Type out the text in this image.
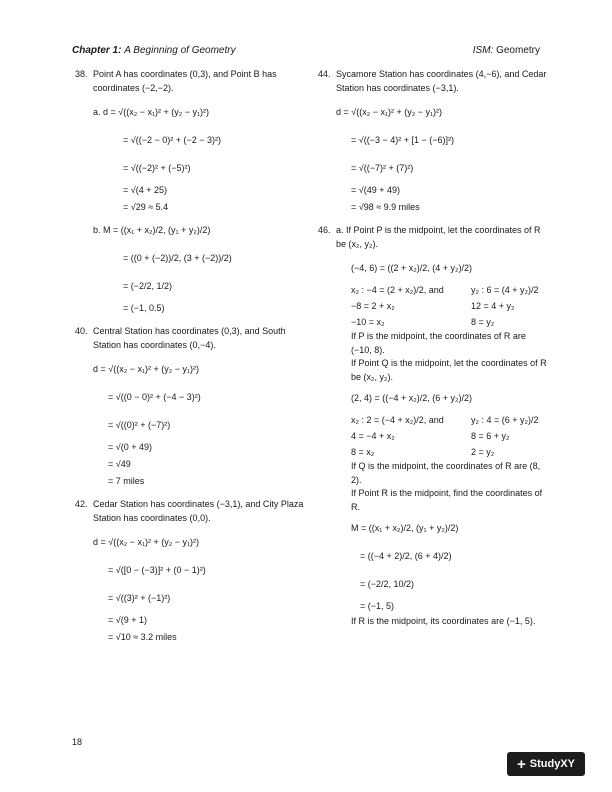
Chapter 1: A Beginning of Geometry	ISM: Geometry
38. Point A has coordinates (0,3), and Point B has coordinates (−2,−2).
a. d = √((x₂ − x₁)² + (y₂ − y₁)²)
= √((−2 − 0)² + (−2 − 3)²)
= √((−2)² + (−5)²)
= √(4 + 25)
= √29 ≈ 5.4
b. M = ((x₁ + x₂)/2, (y₁ + y₂)/2)
= ((0 + (−2))/2, (3 + (−2))/2)
= (−2/2, 1/2)
= (−1, 0.5)
40. Central Station has coordinates (0,3), and South Station has coordinates (0,−4).
d = √((x₂ − x₁)² + (y₂ − y₁)²)
= √((0 − 0)² + (−4 − 3)²)
= √((0)² + (−7)²)
= √(0 + 49)
= √49
= 7 miles
42. Cedar Station has coordinates (−3,1), and City Plaza Station has coordinates (0,0).
d = √((x₂ − x₁)² + (y₂ − y₁)²)
= √([0 − (−3)]² + (0 − 1)²)
= √((3)² + (−1)²)
= √(9 + 1)
= √10 ≈ 3.2 miles
44. Sycamore Station has coordinates (4,−6), and Cedar Station has coordinates (−3,1).
d = √((x₂ − x₁)² + (y₂ − y₁)²)
= √((−3 − 4)² + [1 − (−6)]²)
= √((−7)² + (7)²)
= √(49 + 49)
= √98 ≈ 9.9 miles
46. a. If Point P is the midpoint, let the coordinates of R be (x₂, y₂).
(−4, 6) = ((2 + x₂)/2, (4 + y₂)/2)
x₂ : −4 = (2 + x₂)/2, and	y₂ : 6 = (4 + y₂)/2
−8 = 2 + x₂	12 = 4 + y₂
−10 = x₂	8 = y₂
If P is the midpoint, the coordinates of R are (−10, 8).
If Point Q is the midpoint, let the coordinates of R be (x₂, y₂).
(2, 4) = ((−4 + x₂)/2, (6 + y₂)/2)
x₂ : 2 = (−4 + x₂)/2, and	y₂ : 4 = (6 + y₂)/2
4 = −4 + x₂	8 = 6 + y₂
8 = x₂	2 = y₂
If Q is the midpoint, the coordinates of R are (8, 2).
If Point R is the midpoint, find the coordinates of R.
M = ((x₁ + x₂)/2, (y₁ + y₂)/2)
= ((−4 + 2)/2, (6 + 4)/2)
= (−2/2, 10/2)
= (−1, 5)
If R is the midpoint, its coordinates are (−1, 5).
18
+ StudyXY
